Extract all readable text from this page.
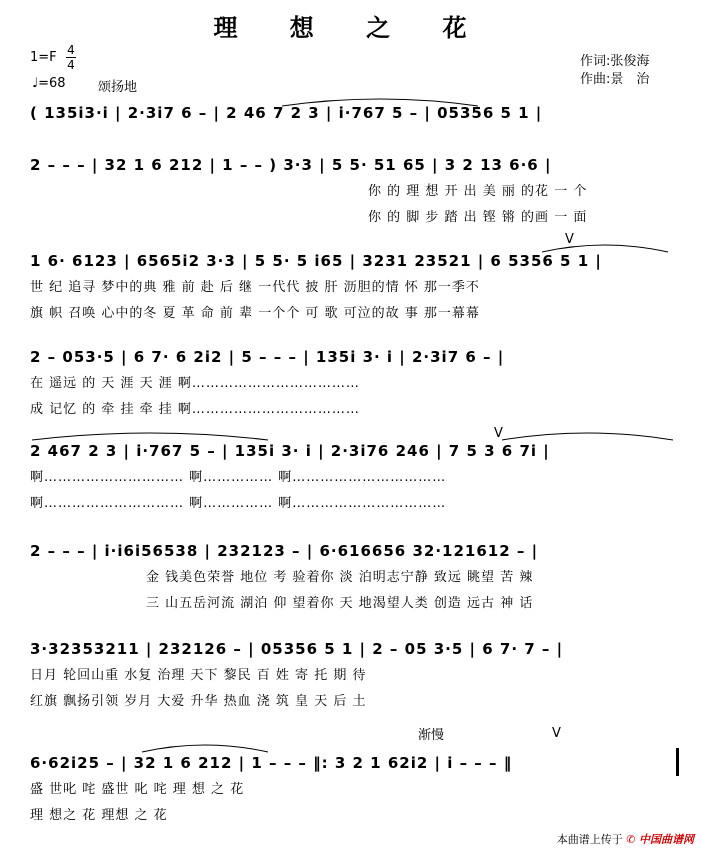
理 想 之 花
1=F 4
4
♩=68 颂扬地
作词:张俊海
作曲:景　治
( 135i3·i | 2·3i7 6 – | 2 46 7 2 3 | i·767 5 – | 05356 5 1 |
2 – – – | 32 1 6 212 | 1 – – ) 3·3 | 5 5· 51 65 | 3 2 13 6·6 |
你 的 理 想 开 出 美 丽 的花 一 个
你 的 脚 步 踏 出 铿 锵 的画 一 面
1 6· 6123 | 6565i2 3·3 | 5 5· 5 i65 | 3231 23521 | 6 5356 5 1 |
世 纪 追寻 梦中的典 雅 前 赴 后 继 一代代 披 肝 沥胆的情 怀 那一季不
旗 帜 召唤 心中的冬 夏 革 命 前 辈 一个个 可 歌 可泣的故 事 那一幕幕
V
2 – 053·5 | 6 7· 6 2i2 | 5 – – – | 135i 3· i | 2·3i7 6 – |
在 遥远 的 天 涯 天 涯 啊………………………………
成 记忆 的 牵 挂 牵 挂 啊………………………………
2 467 2 3 | i·767 5 – | 135i 3· i | 2·3i76 246 | 7 5 3 6 7i |
啊………………………… 啊…………… 啊……………………………
啊………………………… 啊…………… 啊……………………………
V
2 – – – | i·i6i56538 | 232123 – | 6·616656 32·121612 – |
金 钱美色荣誉 地位 考 验着你 淡 泊明志宁静 致远 眺望 苦 辣
三 山五岳河流 湖泊 仰 望着你 天 地渴望人类 创造 远古 神 话
3·32353211 | 232126 – | 05356 5 1 | 2 – 05 3·5 | 6 7· 7 – |
日月 轮回山重 水复 治理 天下 黎民 百 姓 寄 托 期 待
红旗 飘扬引领 岁月 大爱 升华 热血 浇 筑 皇 天 后 土
渐慢	V
6·62i25 – | 32 1 6 212 | 1 – – – ‖: 3 2 1 62i2 | i – – – ‖
盛 世叱 咤 盛世 叱 咤 理 想 之 花
理 想之 花 理想 之 花
本曲谱上传于 ✆ 中国曲谱网
